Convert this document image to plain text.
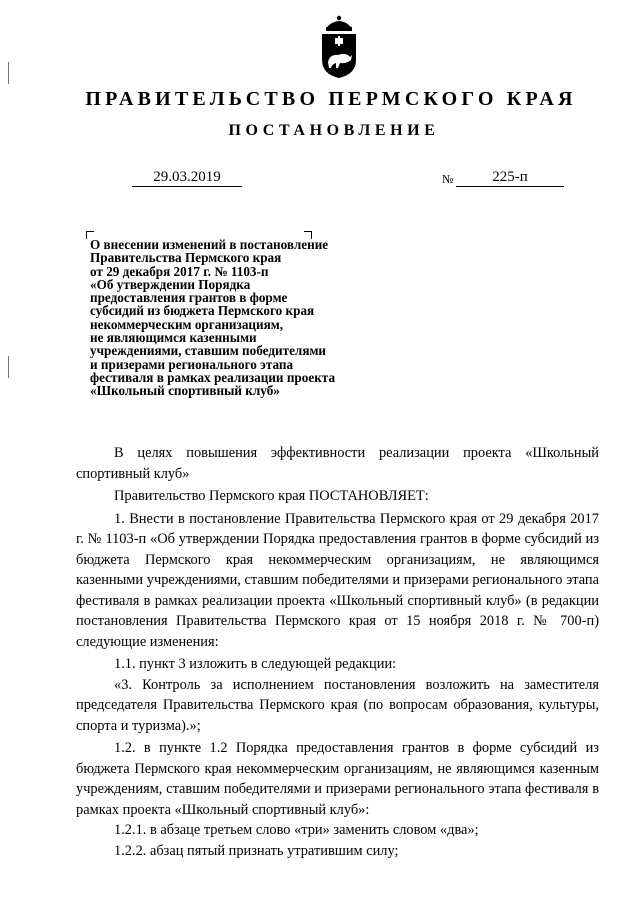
ПРАВИТЕЛЬСТВО ПЕРМСКОГО КРАЯ
ПОСТАНОВЛЕНИЕ
29.03.2019	№	225-п
О внесении изменений в постановление
Правительства Пермского края
от 29 декабря 2017 г. № 1103-п
«Об утверждении Порядка
предоставления грантов в форме
субсидий из бюджета Пермского края
некоммерческим организациям,
не являющимся казенными
учреждениями, ставшим победителями
и призерами регионального этапа
фестиваля в рамках реализации проекта
«Школьный спортивный клуб»

В целях повышения эффективности реализации проекта «Школьный спортивный клуб»

Правительство Пермского края ПОСТАНОВЛЯЕТ:

1. Внести в постановление Правительства Пермского края от 29 декабря 2017 г. № 1103-п «Об утверждении Порядка предоставления грантов в форме субсидий из бюджета Пермского края некоммерческим организациям, не являющимся казенными учреждениями, ставшим победителями и призерами регионального этапа фестиваля в рамках реализации проекта «Школьный спортивный клуб» (в редакции постановления Правительства Пермского края от 15 ноября 2018 г. № 700-п) следующие изменения:

1.1. пункт 3 изложить в следующей редакции:

«3. Контроль за исполнением постановления возложить на заместителя председателя Правительства Пермского края (по вопросам образования, культуры, спорта и туризма).»;

1.2. в пункте 1.2 Порядка предоставления грантов в форме субсидий из бюджета Пермского края некоммерческим организациям, не являющимся казенным учреждениям, ставшим победителями и призерами регионального этапа фестиваля в рамках проекта «Школьный спортивный клуб»:

1.2.1. в абзаце третьем слово «три» заменить словом «два»;

1.2.2. абзац пятый признать утратившим силу;
